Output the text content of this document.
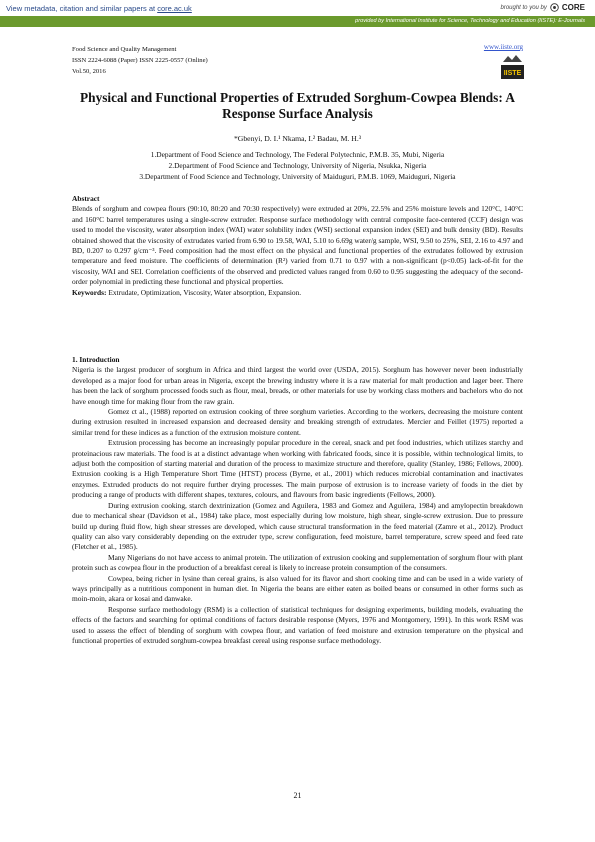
View metadata, citation and similar papers at core.ac.uk	brought to you by CORE
provided by International Institute for Science, Technology and Education (IISTE): E-Journals
Food Science and Quality Management
ISSN 2224-6088 (Paper) ISSN 2225-0557 (Online)
Vol.50, 2016
www.iiste.org
IISTE
Physical and Functional Properties of Extruded Sorghum-Cowpea Blends: A Response Surface Analysis
*Gbenyi, D. I.¹ Nkama, I.² Badau, M. H.³
1.Department of Food Science and Technology, The Federal Polytechnic, P.M.B. 35, Mubi, Nigeria
2.Department of Food Science and Technology, University of Nigeria, Nsukka, Nigeria
3.Department of Food Science and Technology, University of Maiduguri, P.M.B. 1069, Maiduguri, Nigeria

Abstract

Blends of sorghum and cowpea flours (90:10, 80:20 and 70:30 respectively) were extruded at 20%, 22.5% and 25% moisture levels and 120°C, 140°C and 160°C barrel temperatures using a single-screw extruder. Response surface methodology with central composite face-centered (CCF) design was used to model the viscosity, water absorption index (WAI) water solubility index (WSI) sectional expansion index (SEI) and bulk density (BD). Results obtained showed that the viscosity of extrudates varied from 6.90 to 19.58, WAI, 5.10 to 6.69g water/g sample, WSI, 9.50 to 25%, SEI, 2.16 to 4.97 and BD, 0.207 to 0.297 g/cm⁻³. Feed composition had the most effect on the physical and functional properties of the extrudates followed by extrusion temperature and feed moisture. The coefficients of determination (R²) varied from 0.71 to 0.97 with a non-significant (p<0.05) lack-of-fit for the viscosity, WAI and SEI. Correlation coefficients of the observed and predicted values ranged from 0.60 to 0.95 suggesting the adequacy of the second-order polynomial in predicting these functional and physical properties.

Keywords: Extrudate, Optimization, Viscosity, Water absorption, Expansion.

1. Introduction

Nigeria is the largest producer of sorghum in Africa and third largest the world over (USDA, 2015). Sorghum has however never been industrially developed as a major food for urban areas in Nigeria, except the brewing industry where it is a raw material for malt production and lager beer. There has been the lack of sorghum processed foods such as flour, meal, breads, or other materials for use by working class mothers and bachelors who do not have enough time for making flour from the raw grain.

Gomez ct al., (1988) reported on extrusion cooking of three sorghum varieties. According to the workers, decreasing the moisture content during extrusion resulted in increased expansion and decreased density and breaking strength of extrudates. Mercier and Feillet (1975) reported a similar trend for these indices as a function of the extrusion moisture content.

Extrusion processing has become an increasingly popular procedure in the cereal, snack and pet food industries, which utilizes starchy and proteinacious raw materials. The food is at a distinct advantage when working with fabricated foods, since it is possible, within technological limits, to adjust both the composition of starting material and duration of the process to maximize structure and therefore, quality (Stanley, 1986; Fellows, 2000). Extrusion cooking is a High Temperature Short Time (HTST) process (Byrne, et al., 2001) which reduces microbial contamination and inactivates enzymes. Extruded products do not require further drying processes. The main purpose of extrusion is to increase variety of foods in the diet by producing a range of products with different shapes, textures, colours, and flavours from basic ingredients (Fellows, 2000).

During extrusion cooking, starch dextrinization (Gomez and Aguilera, 1983 and Gomez and Aguilera, 1984) and amylopectin breakdown due to mechanical shear (Davidson et al., 1984) take place, most especially during low moisture, high shear, single-screw extrusion. Due to pressure build up during fluid flow, high shear stresses are developed, which cause structural transformation in the feed material (Zamre et al., 2012). Product quality can also vary considerably depending on the extruder type, screw configuration, feed moisture, barrel temperature, screw speed and feed rate (Fletcher et al., 1985).

Many Nigerians do not have access to animal protein. The utilization of extrusion cooking and supplementation of sorghum flour with plant protein such as cowpea flour in the production of a breakfast cereal is likely to increase protein consumption of the consumers.

Cowpea, being richer in lysine than cereal grains, is also valued for its flavor and short cooking time and can be used in a wide variety of ways principally as a nutritious component in human diet. In Nigeria the beans are either eaten as boiled beans or consumed in other forms such as moin-moin, akara or kosai and danwake.

Response surface methodology (RSM) is a collection of statistical techniques for designing experiments, building models, evaluating the effects of the factors and searching for optimal conditions of factors desirable response (Myers, 1976 and Montgomery, 1991). In this work RSM was used to assess the effect of blending of sorghum with cowpea flour, and variation of feed moisture and extrusion temperature on the physical and functional properties of extruded sorghum-cowpea breakfast cereal using response surface methodology.

21
